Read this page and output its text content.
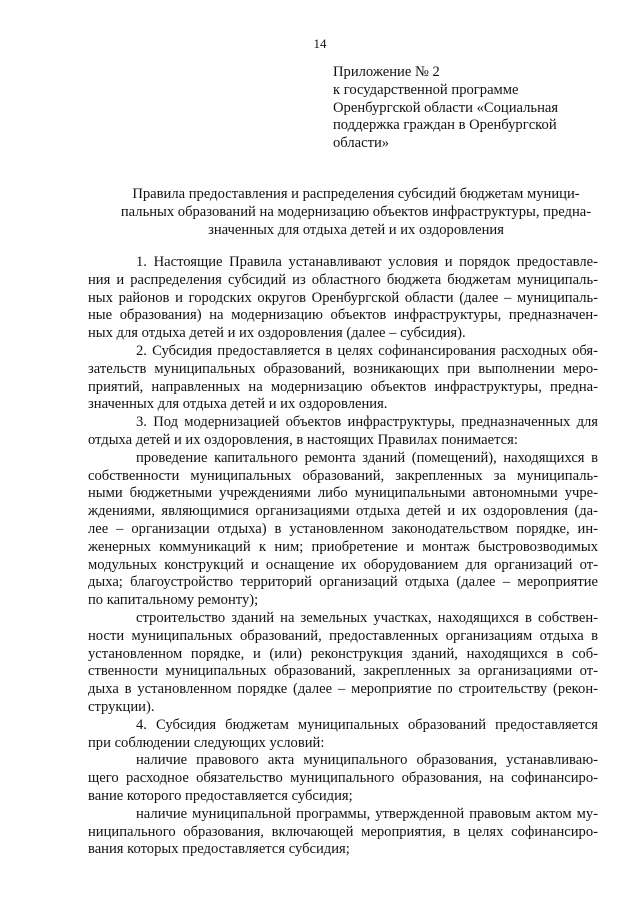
14
Приложение № 2
к государственной программе
Оренбургской области «Социальная
поддержка граждан в Оренбургской
области»
Правила предоставления и распределения субсидий бюджетам муници-
пальных образований на модернизацию объектов инфраструктуры, предна-
значенных для отдыха детей и их оздоровления
1. Настоящие Правила устанавливают условия и порядок предоставле-
ния и распределения субсидий из областного бюджета бюджетам муниципаль-
ных районов и городских округов Оренбургской области (далее – муниципаль-
ные образования) на модернизацию объектов инфраструктуры, предназначен-
ных для отдыха детей и их оздоровления (далее – субсидия).
2. Субсидия предоставляется в целях софинансирования расходных обя-
зательств муниципальных образований, возникающих при выполнении меро-
приятий, направленных на модернизацию объектов инфраструктуры, предна-
значенных для отдыха детей и их оздоровления.
3. Под модернизацией объектов инфраструктуры, предназначенных для
отдыха детей и их оздоровления, в настоящих Правилах понимается:
проведение капитального ремонта зданий (помещений), находящихся в
собственности муниципальных образований, закрепленных за муниципаль-
ными бюджетными учреждениями либо муниципальными автономными учре-
ждениями, являющимися организациями отдыха детей и их оздоровления (да-
лее – организации отдыха) в установленном законодательством порядке, ин-
женерных коммуникаций к ним; приобретение и монтаж быстровозводимых
модульных конструкций и оснащение их оборудованием для организаций от-
дыха; благоустройство территорий организаций отдыха (далее – мероприятие
по капитальному ремонту);
строительство зданий на земельных участках, находящихся в собствен-
ности муниципальных образований, предоставленных организациям отдыха в
установленном порядке, и (или) реконструкция зданий, находящихся в соб-
ственности муниципальных образований, закрепленных за организациями от-
дыха в установленном порядке (далее – мероприятие по строительству (рекон-
струкции).
4. Субсидия бюджетам муниципальных образований предоставляется
при соблюдении следующих условий:
наличие правового акта муниципального образования, устанавливаю-
щего расходное обязательство муниципального образования, на софинансиро-
вание которого предоставляется субсидия;
наличие муниципальной программы, утвержденной правовым актом му-
ниципального образования, включающей мероприятия, в целях софинансиро-
вания которых предоставляется субсидия;
